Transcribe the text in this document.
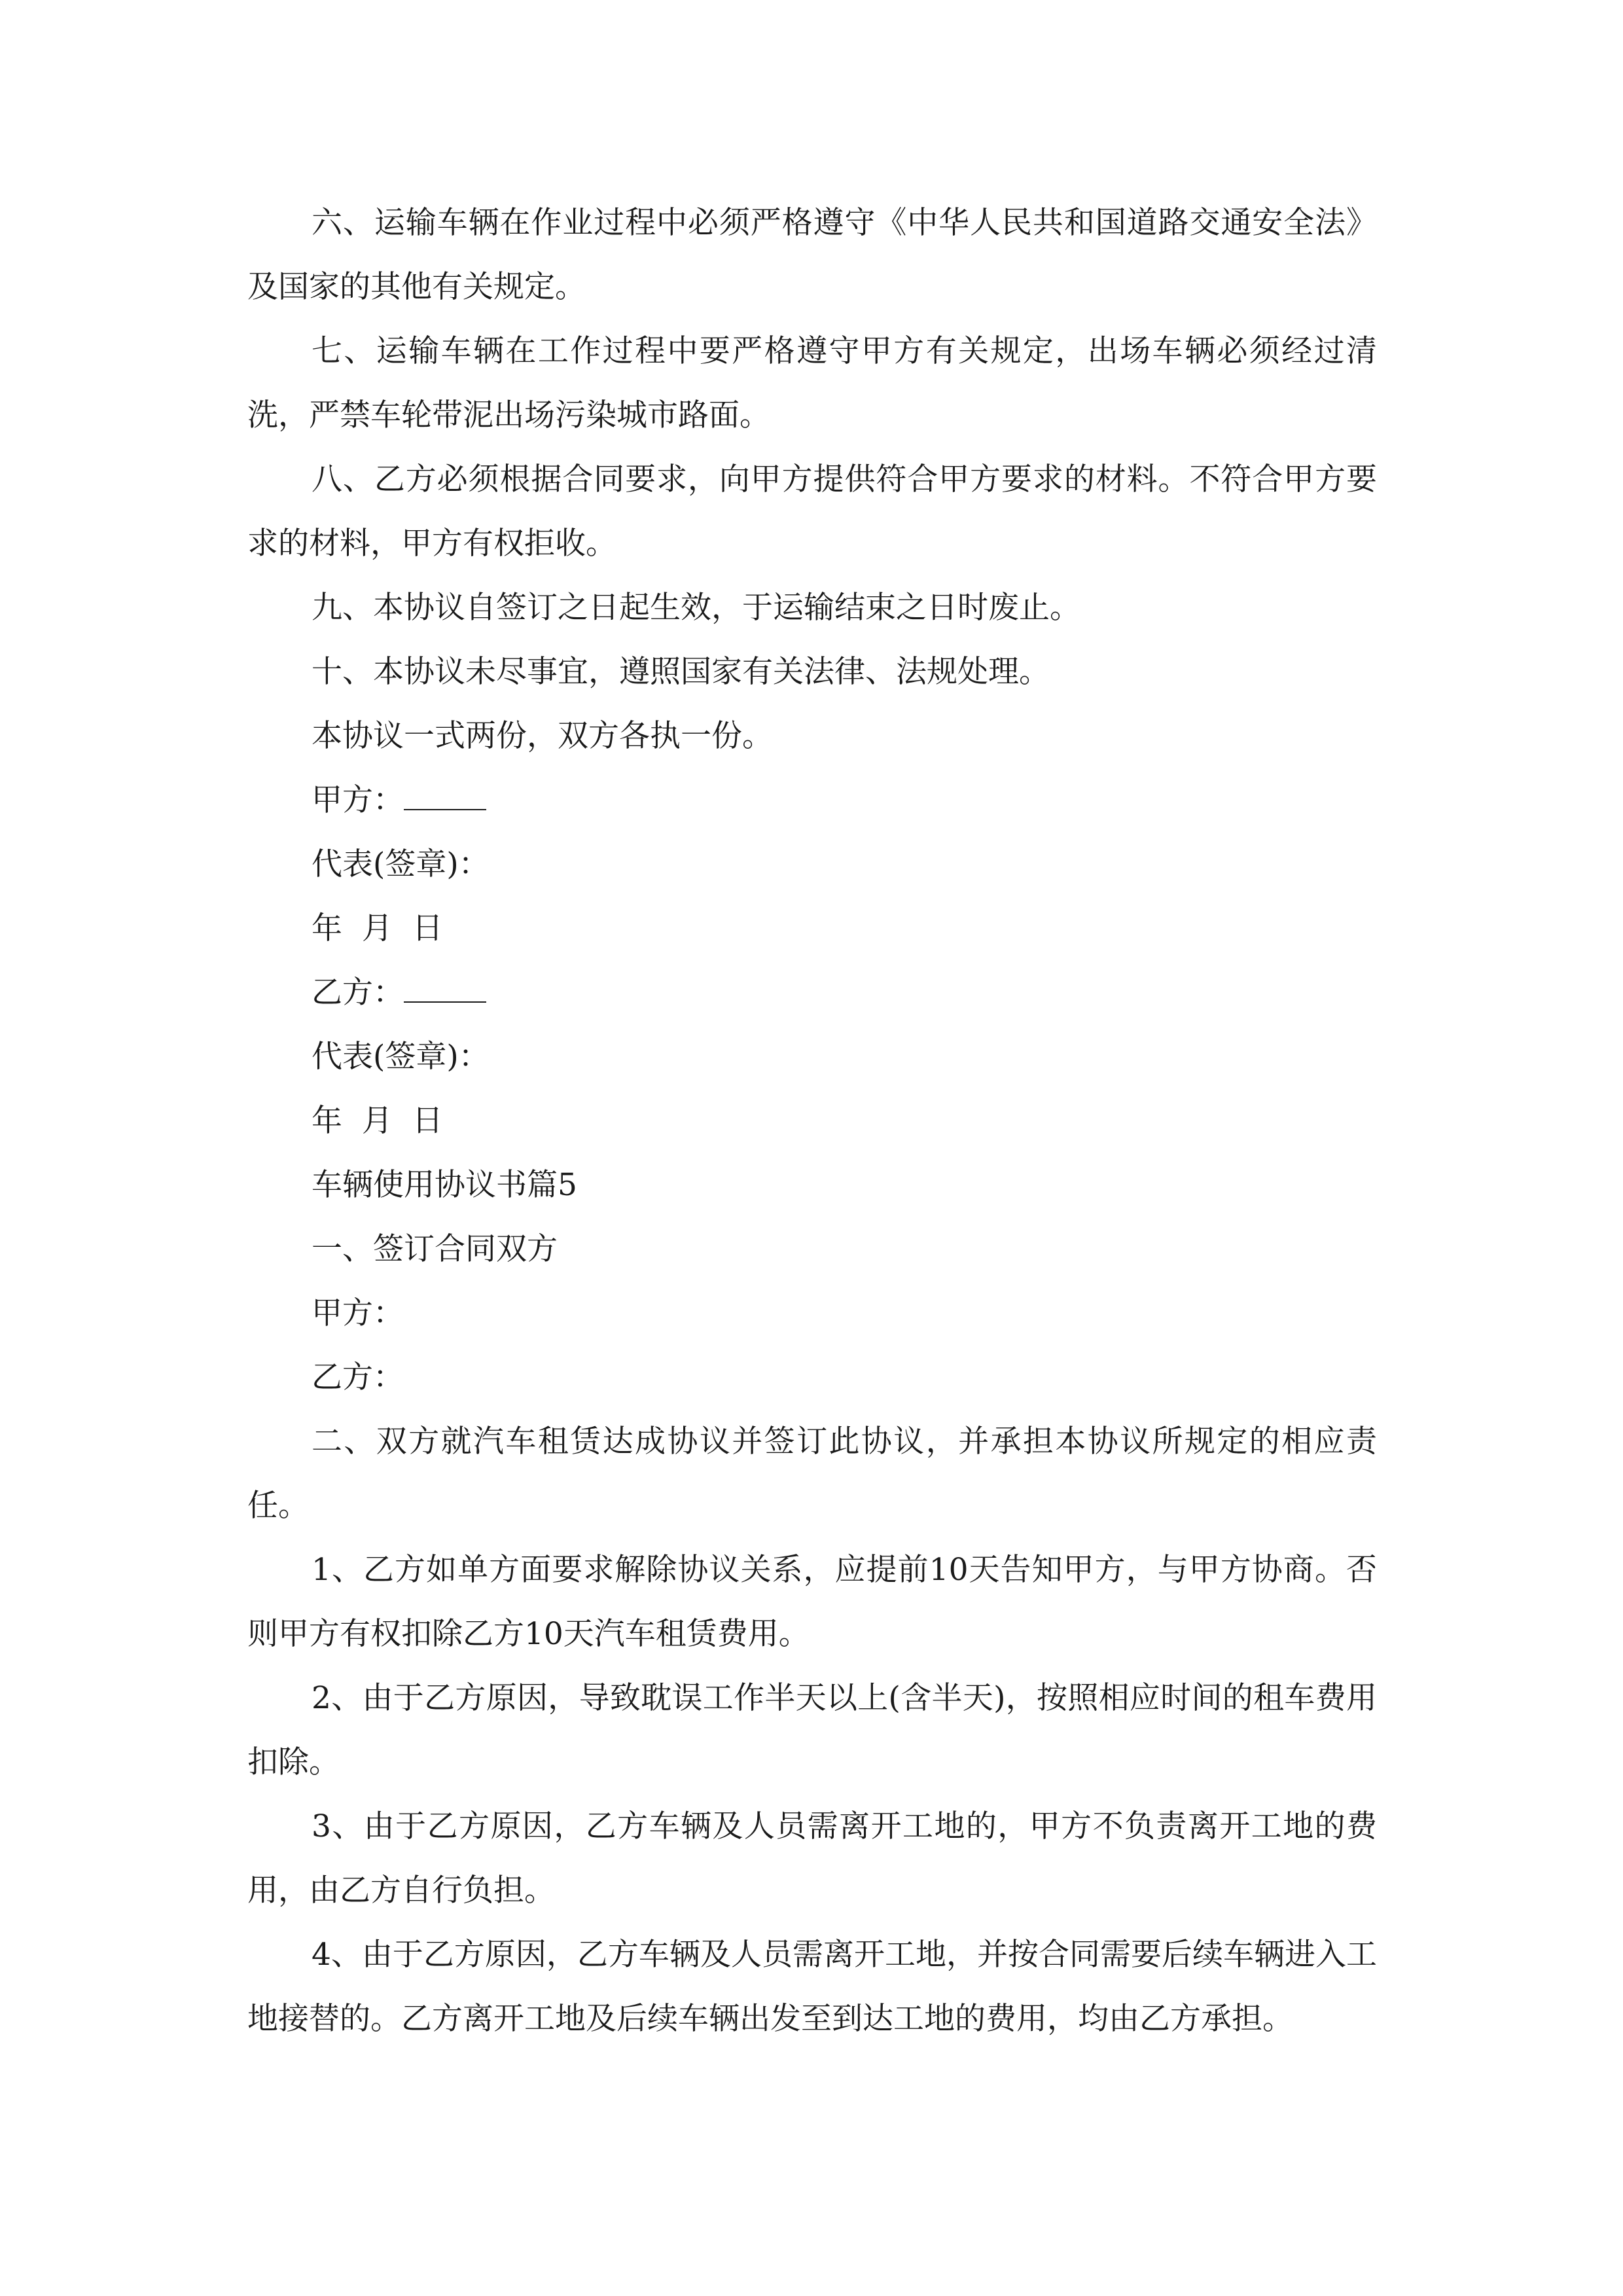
六、运输车辆在作业过程中必须严格遵守《中华人民共和国道路交通安全法》及国家的其他有关规定。

七、运输车辆在工作过程中要严格遵守甲方有关规定，出场车辆必须经过清洗，严禁车轮带泥出场污染城市路面。

八、乙方必须根据合同要求，向甲方提供符合甲方要求的材料。不符合甲方要求的材料，甲方有权拒收。

九、本协议自签订之日起生效，于运输结束之日时废止。

十、本协议未尽事宜，遵照国家有关法律、法规处理。

本协议一式两份，双方各执一份。

甲方：

代表(签章)：

年  月  日

乙方：

代表(签章)：

年  月  日

车辆使用协议书篇5

一、签订合同双方

甲方：

乙方：

二、双方就汽车租赁达成协议并签订此协议，并承担本协议所规定的相应责任。

1、乙方如单方面要求解除协议关系，应提前10天告知甲方，与甲方协商。否则甲方有权扣除乙方10天汽车租赁费用。

2、由于乙方原因，导致耽误工作半天以上(含半天)，按照相应时间的租车费用扣除。

3、由于乙方原因，乙方车辆及人员需离开工地的，甲方不负责离开工地的费用，由乙方自行负担。

4、由于乙方原因，乙方车辆及人员需离开工地，并按合同需要后续车辆进入工地接替的。乙方离开工地及后续车辆出发至到达工地的费用，均由乙方承担。
